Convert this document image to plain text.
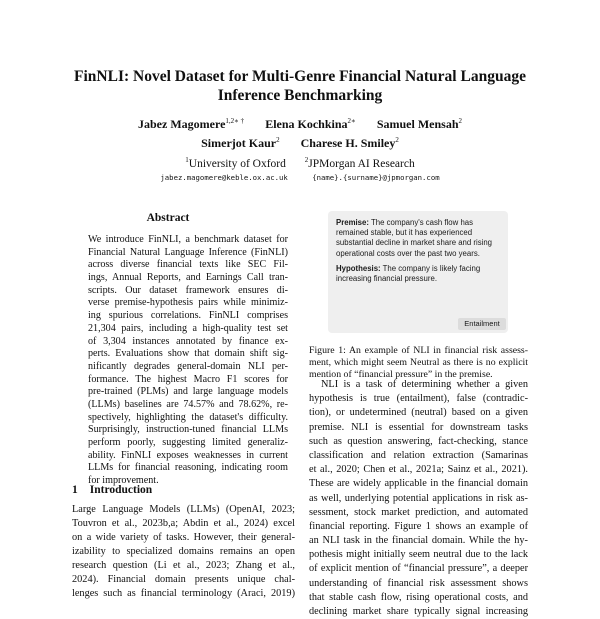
FinNLI: Novel Dataset for Multi-Genre Financial Natural Language
Inference Benchmarking
Jabez Magomere$^{1,2∗ \dagger}$ Elena Kochkina$^{2∗}$ Samuel Mensah$^2$
Simerjot Kaur$^2$ Charese H. Smiley$^2$
$^1$University of Oxford	$^2$JPMorgan AI Research
jabez.magomere@keble.ox.ac.uk	{name}.{surname}@jpmorgan.com
Abstract
We introduce FinNLI, a benchmark dataset for
Financial Natural Language Inference (FinNLI)
across diverse financial texts like SEC Fil-
ings, Annual Reports, and Earnings Call tran-
scripts. Our dataset framework ensures di-
verse premise-hypothesis pairs while minimiz-
ing spurious correlations. FinNLI comprises
21,304 pairs, including a high-quality test set
of 3,304 instances annotated by finance ex-
perts. Evaluations show that domain shift sig-
nificantly degrades general-domain NLI per-
formance. The highest Macro F1 scores for
pre-trained (PLMs) and large language models
(LLMs) baselines are 74.57% and 78.62%, re-
spectively, highlighting the dataset's difficulty.
Surprisingly, instruction-tuned financial LLMs
perform poorly, suggesting limited generaliz-
ability. FinNLI exposes weaknesses in current
LLMs for financial reasoning, indicating room
for improvement.
1 Introduction
Large Language Models (LLMs) (OpenAI, 2023;
Touvron et al., 2023b,a; Abdin et al., 2024) excel
on a wide variety of tasks. However, their general-
izability to specialized domains remains an open
research question (Li et al., 2023; Zhang et al.,
2024). Financial domain presents unique chal-
lenges such as financial terminology (Araci, 2019)

Premise: The company's cash flow has remained stable, but it has experienced substantial decline in market share and rising operational costs over the past two years.

Hypothesis: The company is likely facing increasing financial pressure.

Entailment
Figure 1: An example of NLI in financial risk assess-
ment, which might seem Neutral as there is no explicit
mention of “financial pressure” in the premise.
NLI is a task of determining whether a given
hypothesis is true (entailment), false (contradic-
tion), or undetermined (neutral) based on a given
premise. NLI is essential for downstream tasks
such as question answering, fact-checking, stance
classification and relation extraction (Samarinas
et al., 2020; Chen et al., 2021a; Sainz et al., 2021).
These are widely applicable in the financial domain
as well, underlying potential applications in risk as-
sessment, stock market prediction, and automated
financial reporting. Figure 1 shows an example of
an NLI task in the financial domain. While the hy-
pothesis might initially seem neutral due to the lack
of explicit mention of “financial pressure”, a deeper
understanding of financial risk assessment shows
that stable cash flow, rising operational costs, and
declining market share typically signal increasing
